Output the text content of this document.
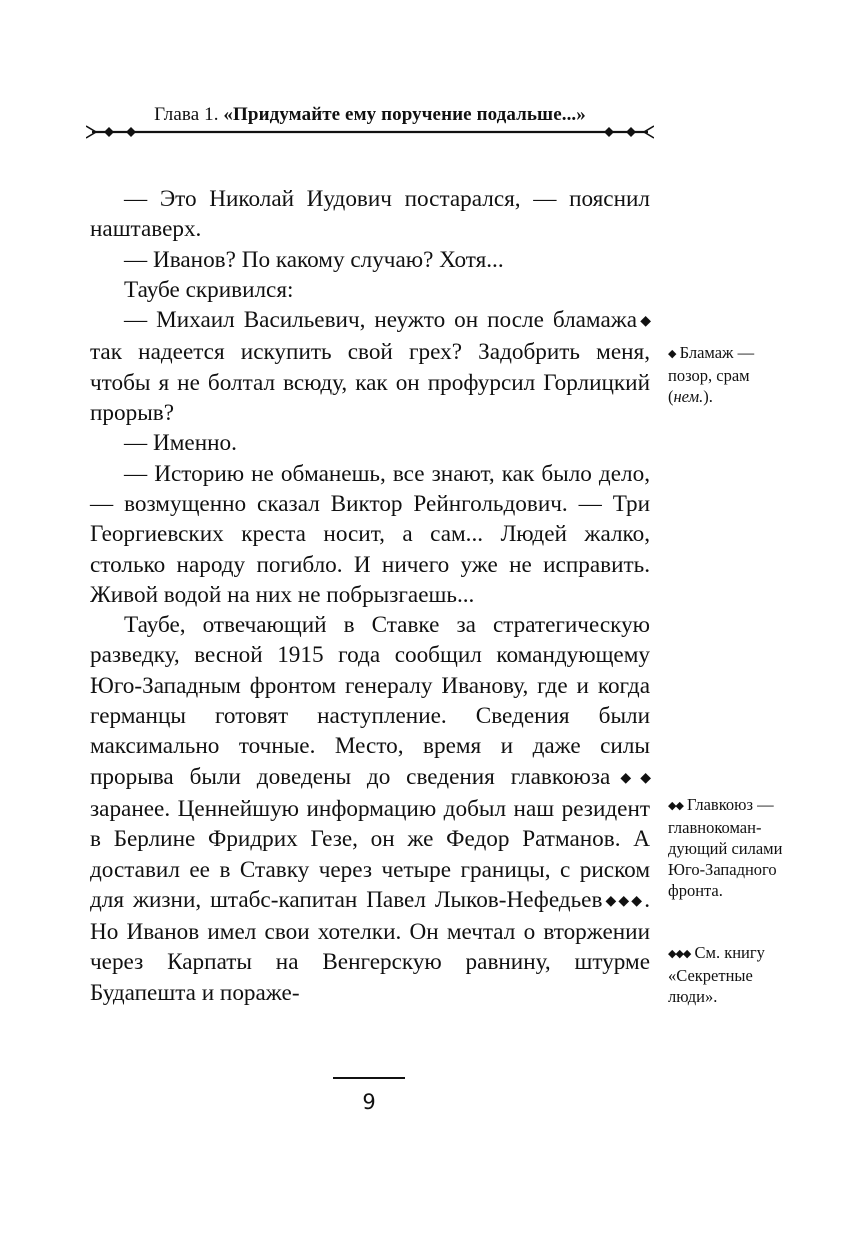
Глава 1. «Придумайте ему поручение подальше...»

— Это Николай Иудович постарался, — пояснил наштаверх.

— Иванов? По какому случаю? Хотя...

Таубе скривился:

— Михаил Васильевич, неужто он после бламажа◆ так надеется искупить свой грех? Задобрить меня, чтобы я не болтал всюду, как он профурсил Горлицкий прорыв?

— Именно.

— Историю не обманешь, все знают, как было дело, — возмущенно сказал Виктор Рейнгольдович. — Три Георгиевских креста носит, а сам... Людей жалко, столько народу погибло. И ничего уже не исправить. Живой водой на них не побрызгаешь...

Таубе, отвечающий в Ставке за стратегическую разведку, весной 1915 года сообщил командующему Юго-Западным фронтом генералу Иванову, где и когда германцы готовят наступление. Сведения были максимально точные. Место, время и даже силы прорыва были доведены до сведения главкоюза◆◆ заранее. Ценнейшую информацию добыл наш резидент в Берлине Фридрих Гезе, он же Федор Ратманов. А доставил ее в Ставку через четыре границы, с риском для жизни, штабс-капитан Павел Лыков-Нефедьев◆◆◆. Но Иванов имел свои хотелки. Он мечтал о вторжении через Карпаты на Венгерскую равнину, штурме Будапешта и пораже-

◆ Бламаж — позор, срам (нем.).
◆◆ Главкоюз — главнокомандующий силами Юго-Западного фронта.
◆◆◆ См. книгу «Секретные люди».
9
